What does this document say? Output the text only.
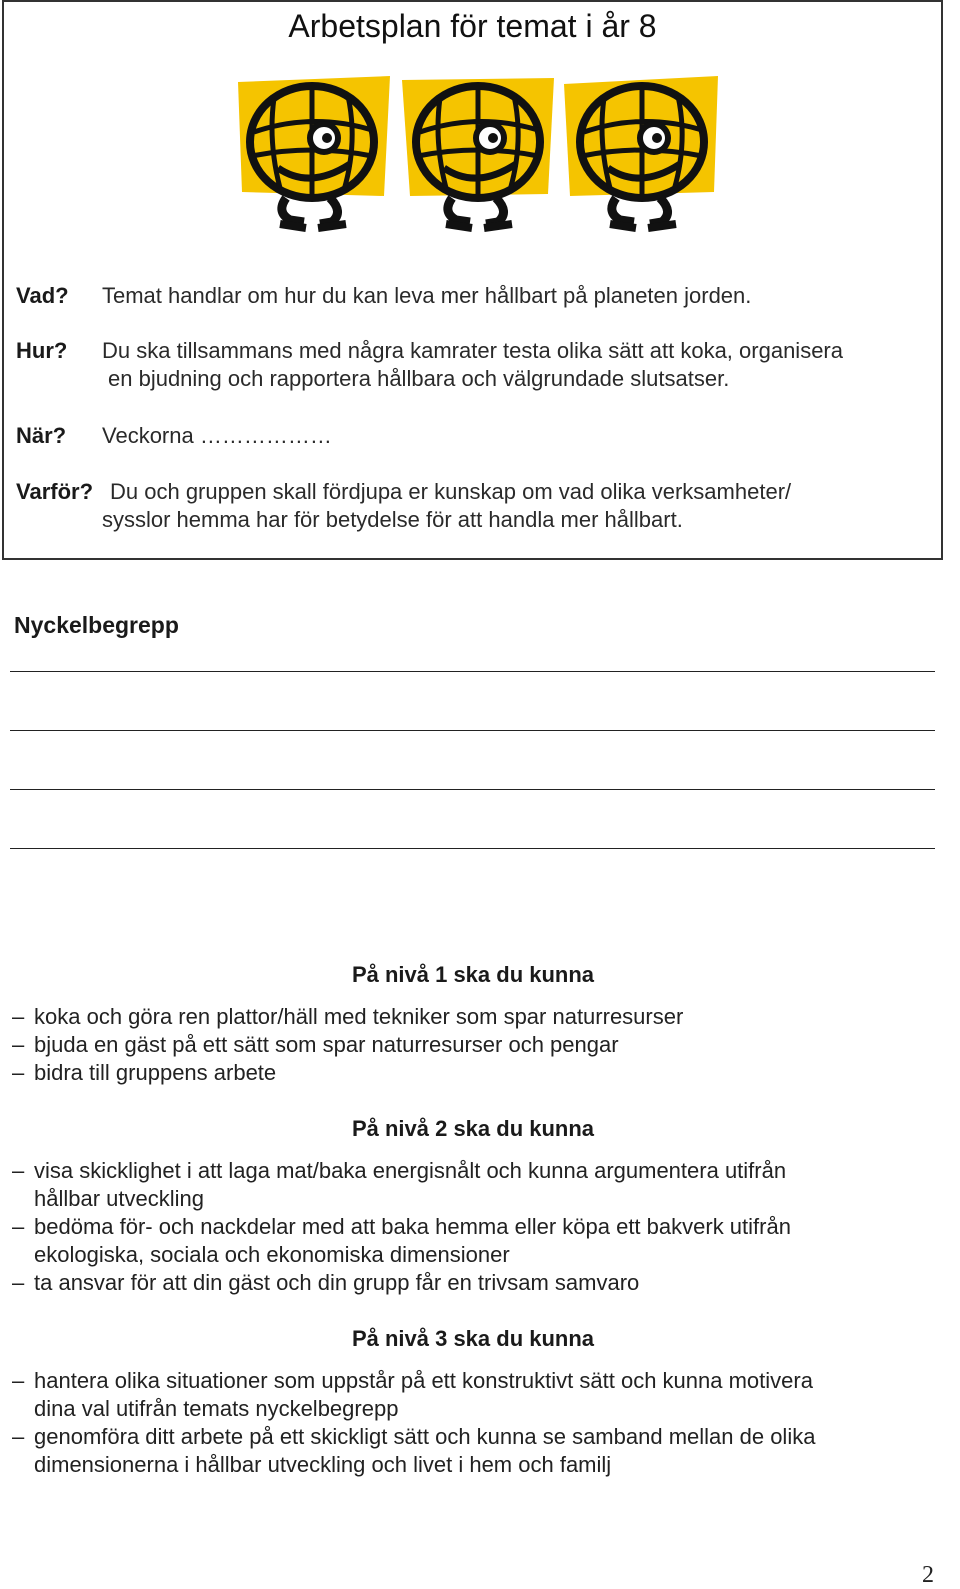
Arbetsplan för temat i år 8
Vad? Temat handlar om hur du kan leva mer hållbart på planeten jorden.
Hur? Du ska tillsammans med några kamrater testa olika sätt att koka, organisera
en bjudning och rapportera hållbara och välgrundade slutsatser.
När? Veckorna ………………
Varför? Du och gruppen skall fördjupa er kunskap om vad olika verksamheter/
sysslor hemma har för betydelse för att handla mer hållbart.
Nyckelbegrepp
På nivå 1 ska du kunna
– koka och göra ren plattor/häll med tekniker som spar naturresurser
– bjuda en gäst på ett sätt som spar naturresurser och pengar
– bidra till gruppens arbete
På nivå 2 ska du kunna
– visa skicklighet i att laga mat/baka energisnålt och kunna argumentera utifrån
hållbar utveckling
– bedöma för- och nackdelar med att baka hemma eller köpa ett bakverk utifrån
ekologiska, sociala och ekonomiska dimensioner
– ta ansvar för att din gäst och din grupp får en trivsam samvaro
På nivå 3 ska du kunna
– hantera olika situationer som uppstår på ett konstruktivt sätt och kunna motivera
dina val utifrån temats nyckelbegrepp
– genomföra ditt arbete på ett skickligt sätt och kunna se samband mellan de olika
dimensionerna i hållbar utveckling och livet i hem och familj
2
